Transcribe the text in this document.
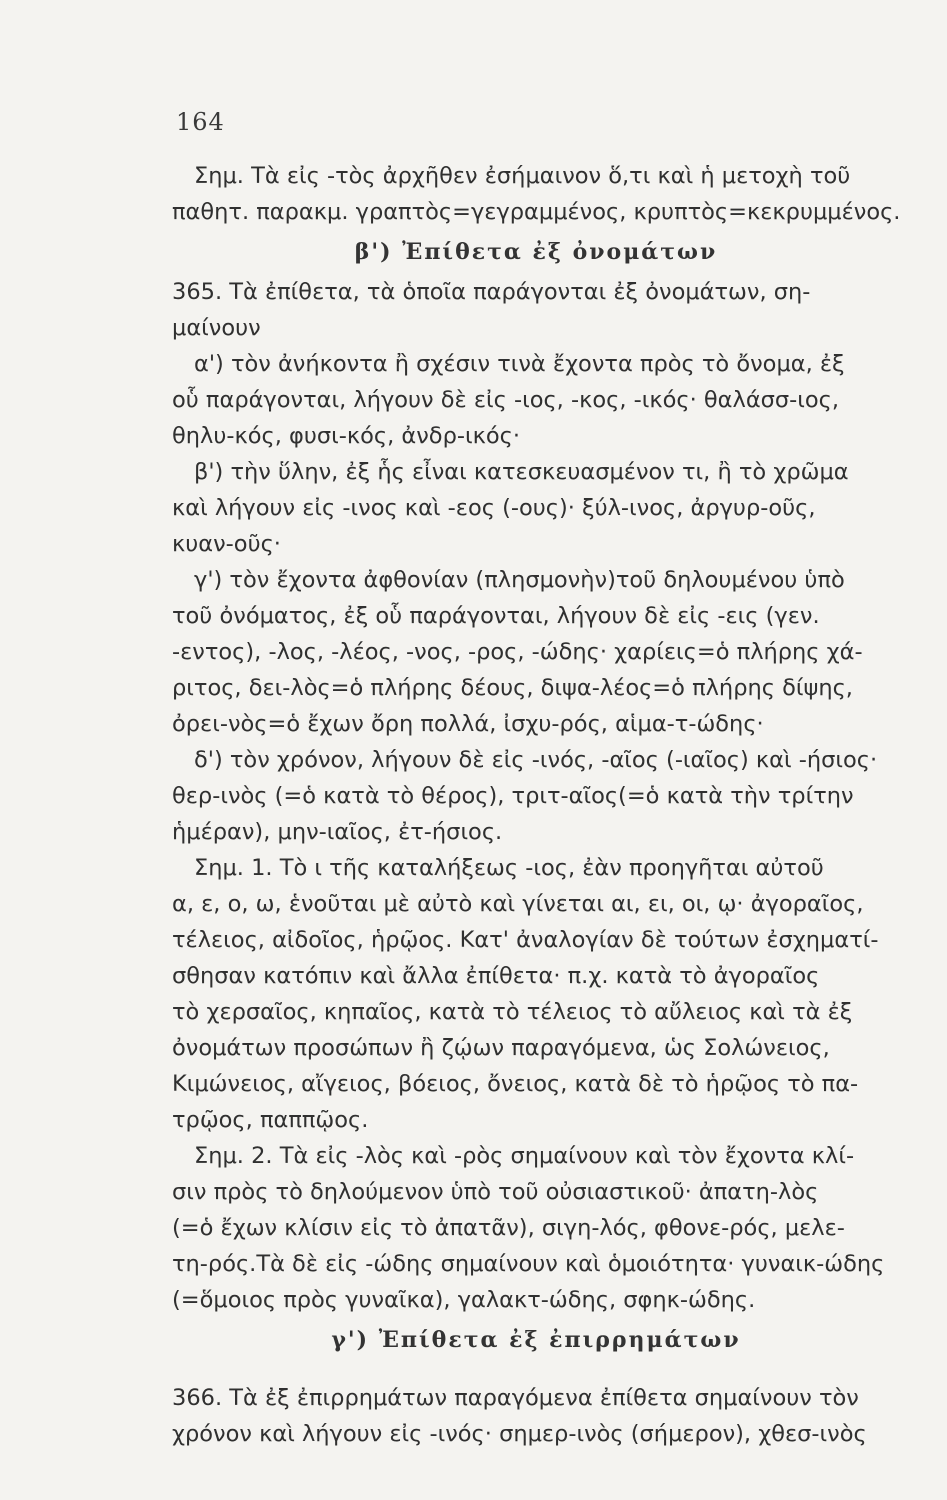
164
Σημ. Τὰ εἰς -τὸς ἀρχῆθεν ἐσήμαινον ὅ,τι καὶ ἡ μετοχὴ τοῦ
παθητ. παρακμ. γραπτὸς=γεγραμμένος, κρυπτὸς=κεκρυμμένος.
β') Ἐπίθετα ἐξ ὀνομάτων
365. Τὰ ἐπίθετα, τὰ ὁποῖα παράγονται ἐξ ὀνομάτων, ση-
μαίνουν
α') τὸν ἀνήκοντα ἢ σχέσιν τινὰ ἔχοντα πρὸς τὸ ὄνομα, ἐξ
οὗ παράγονται, λήγουν δὲ εἰς -ιος, -κος, -ικός· θαλάσσ-ιος,
θηλυ-κός, φυσι-κός, ἀνδρ-ικός·
β') τὴν ὕλην, ἐξ ἧς εἶναι κατεσκευασμένον τι, ἢ τὸ χρῶμα
καὶ λήγουν εἰς -ινος καὶ -εος (-ους)· ξύλ-ινος, ἀργυρ-οῦς,
κυαν-οῦς·
γ') τὸν ἔχοντα ἀφθονίαν (πλησμονὴν)τοῦ δηλουμένου ὑπὸ
τοῦ ὀνόματος, ἐξ οὗ παράγονται, λήγουν δὲ εἰς -εις (γεν.
-εντος), -λος, -λέος, -νος, -ρος, -ώδης· χαρίεις=ὁ πλήρης χά-
ριτος, δει-λὸς=ὁ πλήρης δέους, διψα-λέος=ὁ πλήρης δίψης,
ὀρει-νὸς=ὁ ἔχων ὄρη πολλά, ἰσχυ-ρός, αἱμα-τ-ώδης·
δ') τὸν χρόνον, λήγουν δὲ εἰς -ινός, -αῖος (-ιαῖος) καὶ -ήσιος·
θερ-ινὸς (=ὁ κατὰ τὸ θέρος), τριτ-αῖος(=ὁ κατὰ τὴν τρίτην
ἡμέραν), μην-ιαῖος, ἐτ-ήσιος.
Σημ. 1. Τὸ ι τῆς καταλήξεως -ιος, ἐὰν προηγῆται αὐτοῦ
α, ε, ο, ω, ἑνοῦται μὲ αὐτὸ καὶ γίνεται αι, ει, οι, ῳ· ἀγοραῖος,
τέλειος, αἰδοῖος, ἡρῷος. Κατ' ἀναλογίαν δὲ τούτων ἐσχηματί-
σθησαν κατόπιν καὶ ἄλλα ἐπίθετα· π.χ. κατὰ τὸ ἀγοραῖος
τὸ χερσαῖος, κηπαῖος, κατὰ τὸ τέλειος τὸ αὔλειος καὶ τὰ ἐξ
ὀνομάτων προσώπων ἢ ζῴων παραγόμενα, ὡς Σολώνειος,
Κιμώνειος, αἴγειος, βόειος, ὄνειος, κατὰ δὲ τὸ ἡρῷος τὸ πα-
τρῷος, παππῷος.
Σημ. 2. Τὰ εἰς -λὸς καὶ -ρὸς σημαίνουν καὶ τὸν ἔχοντα κλί-
σιν πρὸς τὸ δηλούμενον ὑπὸ τοῦ οὐσιαστικοῦ· ἀπατη-λὸς
(=ὁ ἔχων κλίσιν εἰς τὸ ἀπατᾶν), σιγη-λός, φθονε-ρός, μελε-
τη-ρός.Τὰ δὲ εἰς -ώδης σημαίνουν καὶ ὁμοιότητα· γυναικ-ώδης
(=ὅμοιος πρὸς γυναῖκα), γαλακτ-ώδης, σφηκ-ώδης.
γ') Ἐπίθετα ἐξ ἐπιρρημάτων
366. Τὰ ἐξ ἐπιρρημάτων παραγόμενα ἐπίθετα σημαίνουν τὸν
χρόνον καὶ λήγουν εἰς -ινός· σημερ-ινὸς (σήμερον), χθεσ-ινὸς
